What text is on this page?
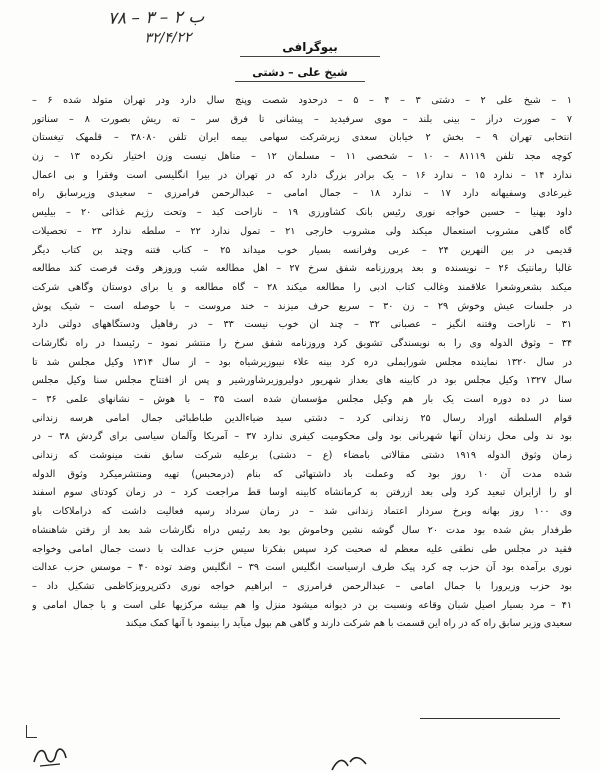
۷۸ – ۳ – ۲ ب
۳۲/۴/۲۲
بیوگرافی
شیخ علی – دشتی
۱ – شیخ علی ۲ – دشتی ۳ – ۴ – ۵ – درحدود شصت وپنج سال دارد ودر تهران متولد شده ۶ –
۷ – صورت دراز – بینی بلند – موی سرفیدید – پیشانی تا فرق سر – ته ریش بصورت ۸ – سناتور
انتخابی تهران ۹ – بخش ۲ خیابان سعدی زیرشرکت سهامی بیمه ایران تلفن ۳۸۰۸۰ – قلمهک تیغستان
کوچه مجد تلفن ۸۱۱۱۹ – ۱۰ – شخصی ۱۱ – مسلمان ۱۲ – متاهل نیست وزن اختیار نکرده ۱۳ – زن
ندارد ۱۴ – ندارد ۱۵ – ندارد ۱۶ – یک برادر بزرگ دارد که در تهران در بیرا انگلیسی است وفقرا و بی اعمال
غیرعادی وسفیهانه دارد ۱۷ – ندارد ۱۸ – جمال امامی – عبدالرحمن فرامرزی – سعیدی وزیرسابق راه
داود بهنیا – حسین خواجه نوری رئیس بانک کشاورزی ۱۹ – ناراحت کبد – وتحت رژیم غذائی ۲۰ – بیلیس
گاه گاهی مشروب استعمال میکند ولی مشروب خارجی ۲۱ – تمول ندارد ۲۲ – سلطه ندارد ۲۳ – تحصیلات
قدیمی در بین النهرین ۲۴ – عربی وفرانسه بسیار خوب میداند ۲۵ – کتاب فتنه وچند بن کتاب دیگر
غالبا رمانتیک ۲۶ – نویسنده و بعد پرورزنامه شفق سرخ ۲۷ – اهل مطالعه شب وروزهر وقت فرصت کند مطالعه
میکند بشعروشعرا علاقمند وغالب کتاب ادبی را مطالعه میکند ۲۸ – گاه مطالعه و یا برای دوستان وگاهی شرکت
در جلسات عیش وخوش ۲۹ – زن ۳۰ – سریع حرف میزند – خند مروست – با حوصله است – شیک پوش
۳۱ – ناراحت وفتنه انگیز – عصبانی ۳۲ – چند ان خوب نیست ۳۳ – در رفاهیل ودستگاههای دولتی دارد
۳۴ – وثوق الدوله وی را به نویسندگی تشویق کرد وروزنامه شفق سرخ را منتشر نمود – رئیسدا در راه نگارشات
در سال ۱۳۲۰ نماینده مجلس شورایملی دره کرد بینه علاء نیبوزیرشیاه بود – از سال ۱۳۱۴ وکیل مجلس شد تا
سال ۱۳۲۷ وکیل مجلس بود در کابینه های بعداز شهریور دولیروزیرشاورشیر و پس از افتتاح مجلس سنا وکیل مجلس
سنا در ده دوره است یک بار هم وکیل مجلس مؤسسان شده است ۳۵ – با هوش – نشانهای علمی ۳۶ –
قوام السلطنه اوراد رسال ۲۵ زندانی کرد – دشتی سید ضیاءالدین طباطبائی جمال امامی هرسه زندانی
بود ند ولی محل زندان آنها شهربانی بود ولی محکومیت کیفری ندارد ۳۷ – آمریکا وآلمان سیاسی برای گردش ۳۸ – در
زمان وثوق الدوله ۱۹۱۹ دشتی مقالاتی بامضاء (ع – دشتی) برعلیه شرکت سابق نفت مینوشت که زندانی
شده مدت آن ۱۰ روز بود که وعملت باد داشتهائی که بنام (درمحبس) تهیه ومنتشرمیکرد وثوق الدوله
او را ازایران تبعید کرد ولی بعد ازرفتن به کرمانشاه کابینه اوسا قط مراجعت کرد – در زمان کودتای سوم اسفند
وی ۱۰۰ روز بهانه وبرخ سردار اعتماد زندانی شد – در زمان سرداد رسپه فعالیت داشت که دراملاکات باو
طرفدار بش شده بود مدت ۲۰ سال گوشه نشین وخاموش بود بعد رئیس دراه نگارشات شد بعد از رفتن شاهنشاه
فقید در مجلس طی نطقی علیه معظم له صحبت کرد سپس بفکرتا سیس حزب عدالت با دست جمال امامی وخواجه
نوری برآمده بود آن حزب چه کرد پیک طرف ارسیاست انگلیس است ۳۹ – انگلیس وضد توده ۴۰ – موسس حزب عدالت
بود حزب وزیرورا با جمال امامی – عبدالرحمن فرامرزی – ابراهیم خواجه نوری دکترپرویزکاظمی تشکیل داد –
۴۱ – مرد بسیار اصیل شبان وقاعه ونسبت بن در دیوانه میشود منزل وا هم بیشه مرکزیها علی است و با جمال امامی و
سعیدی وزیر سابق راه که در راه این قسمت با هم شرکت دارند و گاهی هم بپول میآید را بینمود با آنها کمک میکند
